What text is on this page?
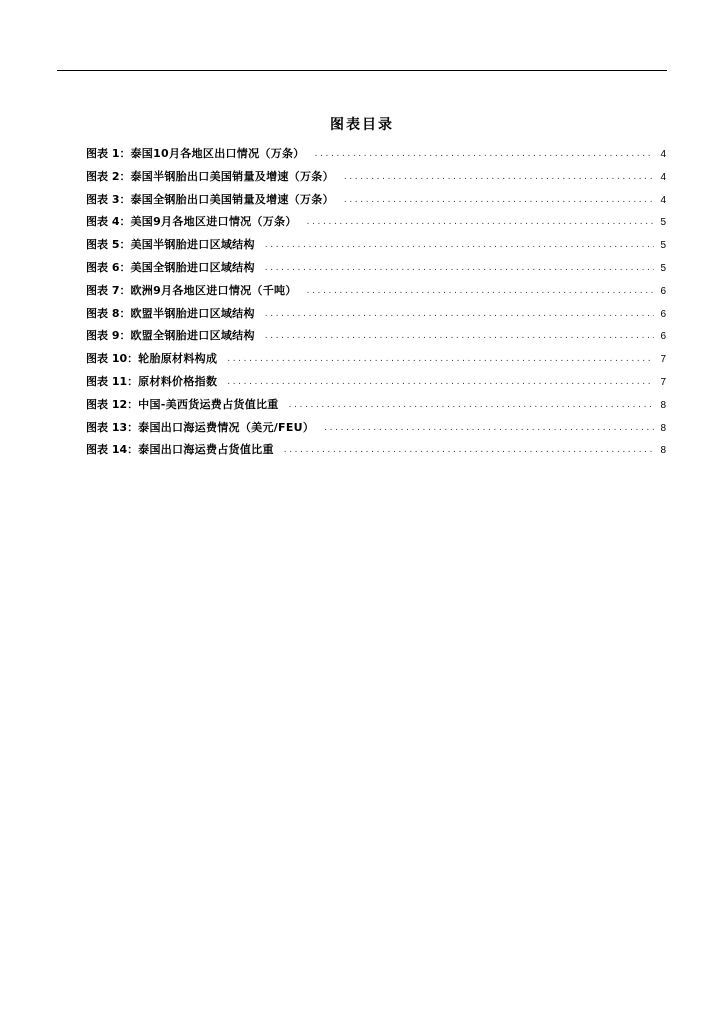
图表目录
图表 1： 泰国10月各地区出口情况（万条） .....	4
图表 2： 泰国半钢胎出口美国销量及增速（万条） .....	4
图表 3： 泰国全钢胎出口美国销量及增速（万条） .....	4
图表 4： 美国9月各地区进口情况（万条） .....	5
图表 5： 美国半钢胎进口区域结构 .....	5
图表 6： 美国全钢胎进口区域结构 .....	5
图表 7： 欧洲9月各地区进口情况（千吨） .....	6
图表 8： 欧盟半钢胎进口区域结构 .....	6
图表 9： 欧盟全钢胎进口区域结构 .....	6
图表 10： 轮胎原材料构成 .....	7
图表 11： 原材料价格指数 .....	7
图表 12： 中国-美西货运费占货值比重 .....	8
图表 13： 泰国出口海运费情况（美元/FEU） .....	8
图表 14： 泰国出口海运费占货值比重 .....	8
